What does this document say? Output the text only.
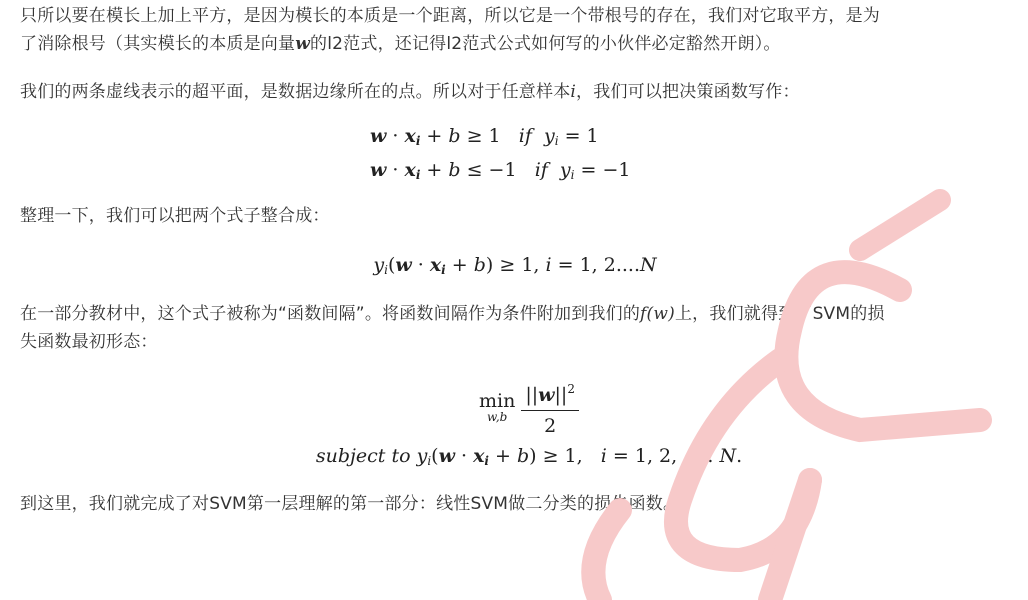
只所以要在模长上加上平方，是因为模长的本质是一个距离，所以它是一个带根号的存在，我们对它取平方，是为

了消除根号（其实模长的本质是向量w的l2范式，还记得l2范式公式如何写的小伙伴必定豁然开朗）。

我们的两条虚线表示的超平面，是数据边缘所在的点。所以对于任意样本i，我们可以把决策函数写作：

$w \cdot x_i + b \ge 1$ if $y_i = 1$
$w \cdot x_i + b \le -1$ if $y_i = -1$

整理一下，我们可以把两个式子整合成：

$y_i(w \cdot x_i + b) \ge 1$, i = 1, 2....N

在一部分教材中，这个式子被称为“函数间隔”。将函数间隔作为条件附加到我们的f(w)上，我们就得到了SVM的损

失函数最初形态：

min
$w,b \frac{||w||^2}{2}$
subject to $y_i(w \cdot x_i + b) \ge 1$,   i = 1, 2, . . . N.

到这里，我们就完成了对SVM第一层理解的第一部分：线性SVM做二分类的损失函数。
